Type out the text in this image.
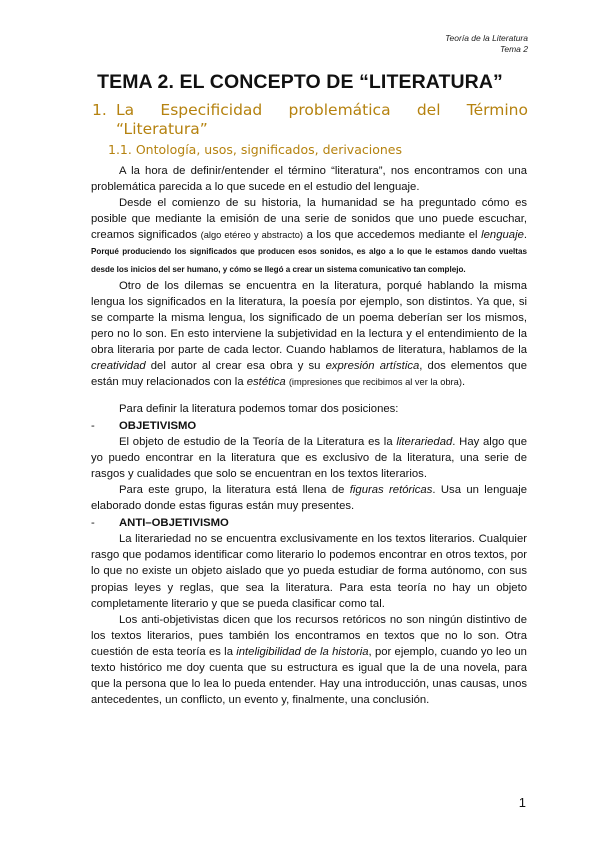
Teoría de la Literatura
Tema 2
TEMA 2. EL CONCEPTO DE “LITERATURA”
1. La Especificidad problemática del Término
“Literatura”
1.1. Ontología, usos, significados, derivaciones

A la hora de definir/entender el término “literatura”, nos encontramos con una problemática parecida a lo que sucede en el estudio del lenguaje.

Desde el comienzo de su historia, la humanidad se ha preguntado cómo es posible que mediante la emisión de una serie de sonidos que uno puede escuchar, creamos significados (algo etéreo y abstracto) a los que accedemos mediante el lenguaje. Porqué produciendo los significados que producen esos sonidos, es algo a lo que le estamos dando vueltas desde los inicios del ser humano, y cómo se llegó a crear un sistema comunicativo tan complejo.

Otro de los dilemas se encuentra en la literatura, porqué hablando la misma lengua los significados en la literatura, la poesía por ejemplo, son distintos. Ya que, si se comparte la misma lengua, los significado de un poema deberían ser los mismos, pero no lo son. En esto interviene la subjetividad en la lectura y el entendimiento de la obra literaria por parte de cada lector. Cuando hablamos de literatura, hablamos de la creatividad del autor al crear esa obra y su expresión artística, dos elementos que están muy relacionados con la estética (impresiones que recibimos al ver la obra).

Para definir la literatura podemos tomar dos posiciones:

- OBJETIVISMO

El objeto de estudio de la Teoría de la Literatura es la literariedad. Hay algo que yo puedo encontrar en la literatura que es exclusivo de la literatura, una serie de rasgos y cualidades que solo se encuentran en los textos literarios.

Para este grupo, la literatura está llena de figuras retóricas. Usa un lenguaje elaborado donde estas figuras están muy presentes.

- ANTI–OBJETIVISMO

La literariedad no se encuentra exclusivamente en los textos literarios. Cualquier rasgo que podamos identificar como literario lo podemos encontrar en otros textos, por lo que no existe un objeto aislado que yo pueda estudiar de forma autónomo, con sus propias leyes y reglas, que sea la literatura. Para esta teoría no hay un objeto completamente literario y que se pueda clasificar como tal.

Los anti-objetivistas dicen que los recursos retóricos no son ningún distintivo de los textos literarios, pues también los encontramos en textos que no lo son. Otra cuestión de esta teoría es la inteligibilidad de la historia, por ejemplo, cuando yo leo un texto histórico me doy cuenta que su estructura es igual que la de una novela, para que la persona que lo lea lo pueda entender. Hay una introducción, unas causas, unos antecedentes, un conflicto, un evento y, finalmente, una conclusión.

1
